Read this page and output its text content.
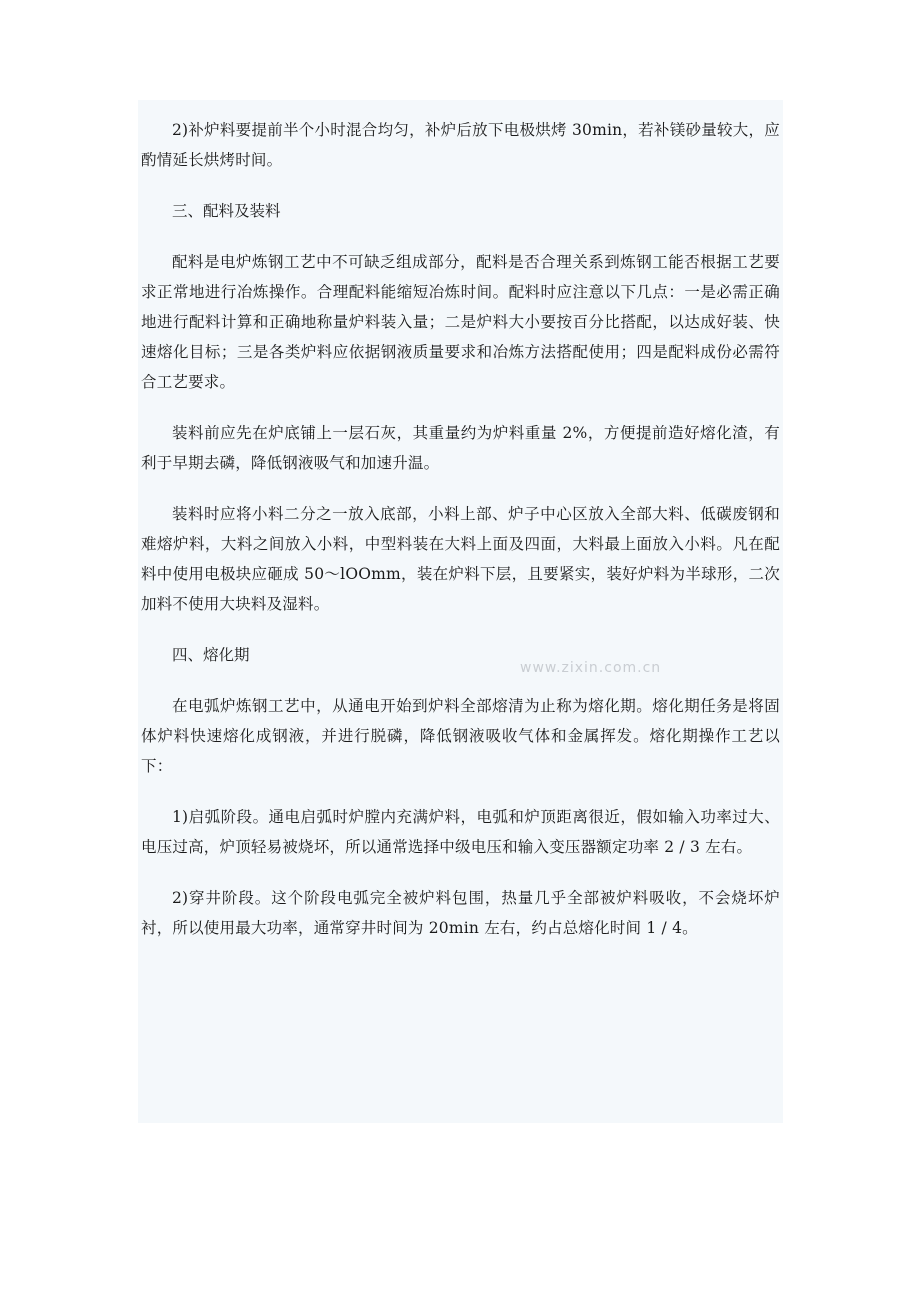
2)补炉料要提前半个小时混合均匀，补炉后放下电极烘烤 30min，若补镁砂量较大，应酌情延长烘烤时间。

三、配料及装料

配料是电炉炼钢工艺中不可缺乏组成部分，配料是否合理关系到炼钢工能否根据工艺要求正常地进行冶炼操作。合理配料能缩短冶炼时间。配料时应注意以下几点：一是必需正确地进行配料计算和正确地称量炉料装入量；二是炉料大小要按百分比搭配，以达成好装、快速熔化目标；三是各类炉料应依据钢液质量要求和冶炼方法搭配使用；四是配料成份必需符合工艺要求。

装料前应先在炉底铺上一层石灰，其重量约为炉料重量 2%，方便提前造好熔化渣，有利于早期去磷，降低钢液吸气和加速升温。

装料时应将小料二分之一放入底部，小料上部、炉子中心区放入全部大料、低碳废钢和难熔炉料，大料之间放入小料，中型料装在大料上面及四面，大料最上面放入小料。凡在配料中使用电极块应砸成 50～lOOmm，装在炉料下层，且要紧实，装好炉料为半球形，二次加料不使用大块料及湿料。

四、熔化期

在电弧炉炼钢工艺中，从通电开始到炉料全部熔清为止称为熔化期。熔化期任务是将固体炉料快速熔化成钢液，并进行脱磷，降低钢液吸收气体和金属挥发。熔化期操作工艺以下：

1)启弧阶段。通电启弧时炉膛内充满炉料，电弧和炉顶距离很近，假如输入功率过大、电压过高，炉顶轻易被烧坏，所以通常选择中级电压和输入变压器额定功率 2 / 3 左右。

2)穿井阶段。这个阶段电弧完全被炉料包围，热量几乎全部被炉料吸收，不会烧坏炉衬，所以使用最大功率，通常穿井时间为 20min 左右，约占总熔化时间 1 / 4。

www.zixin.com.cn
